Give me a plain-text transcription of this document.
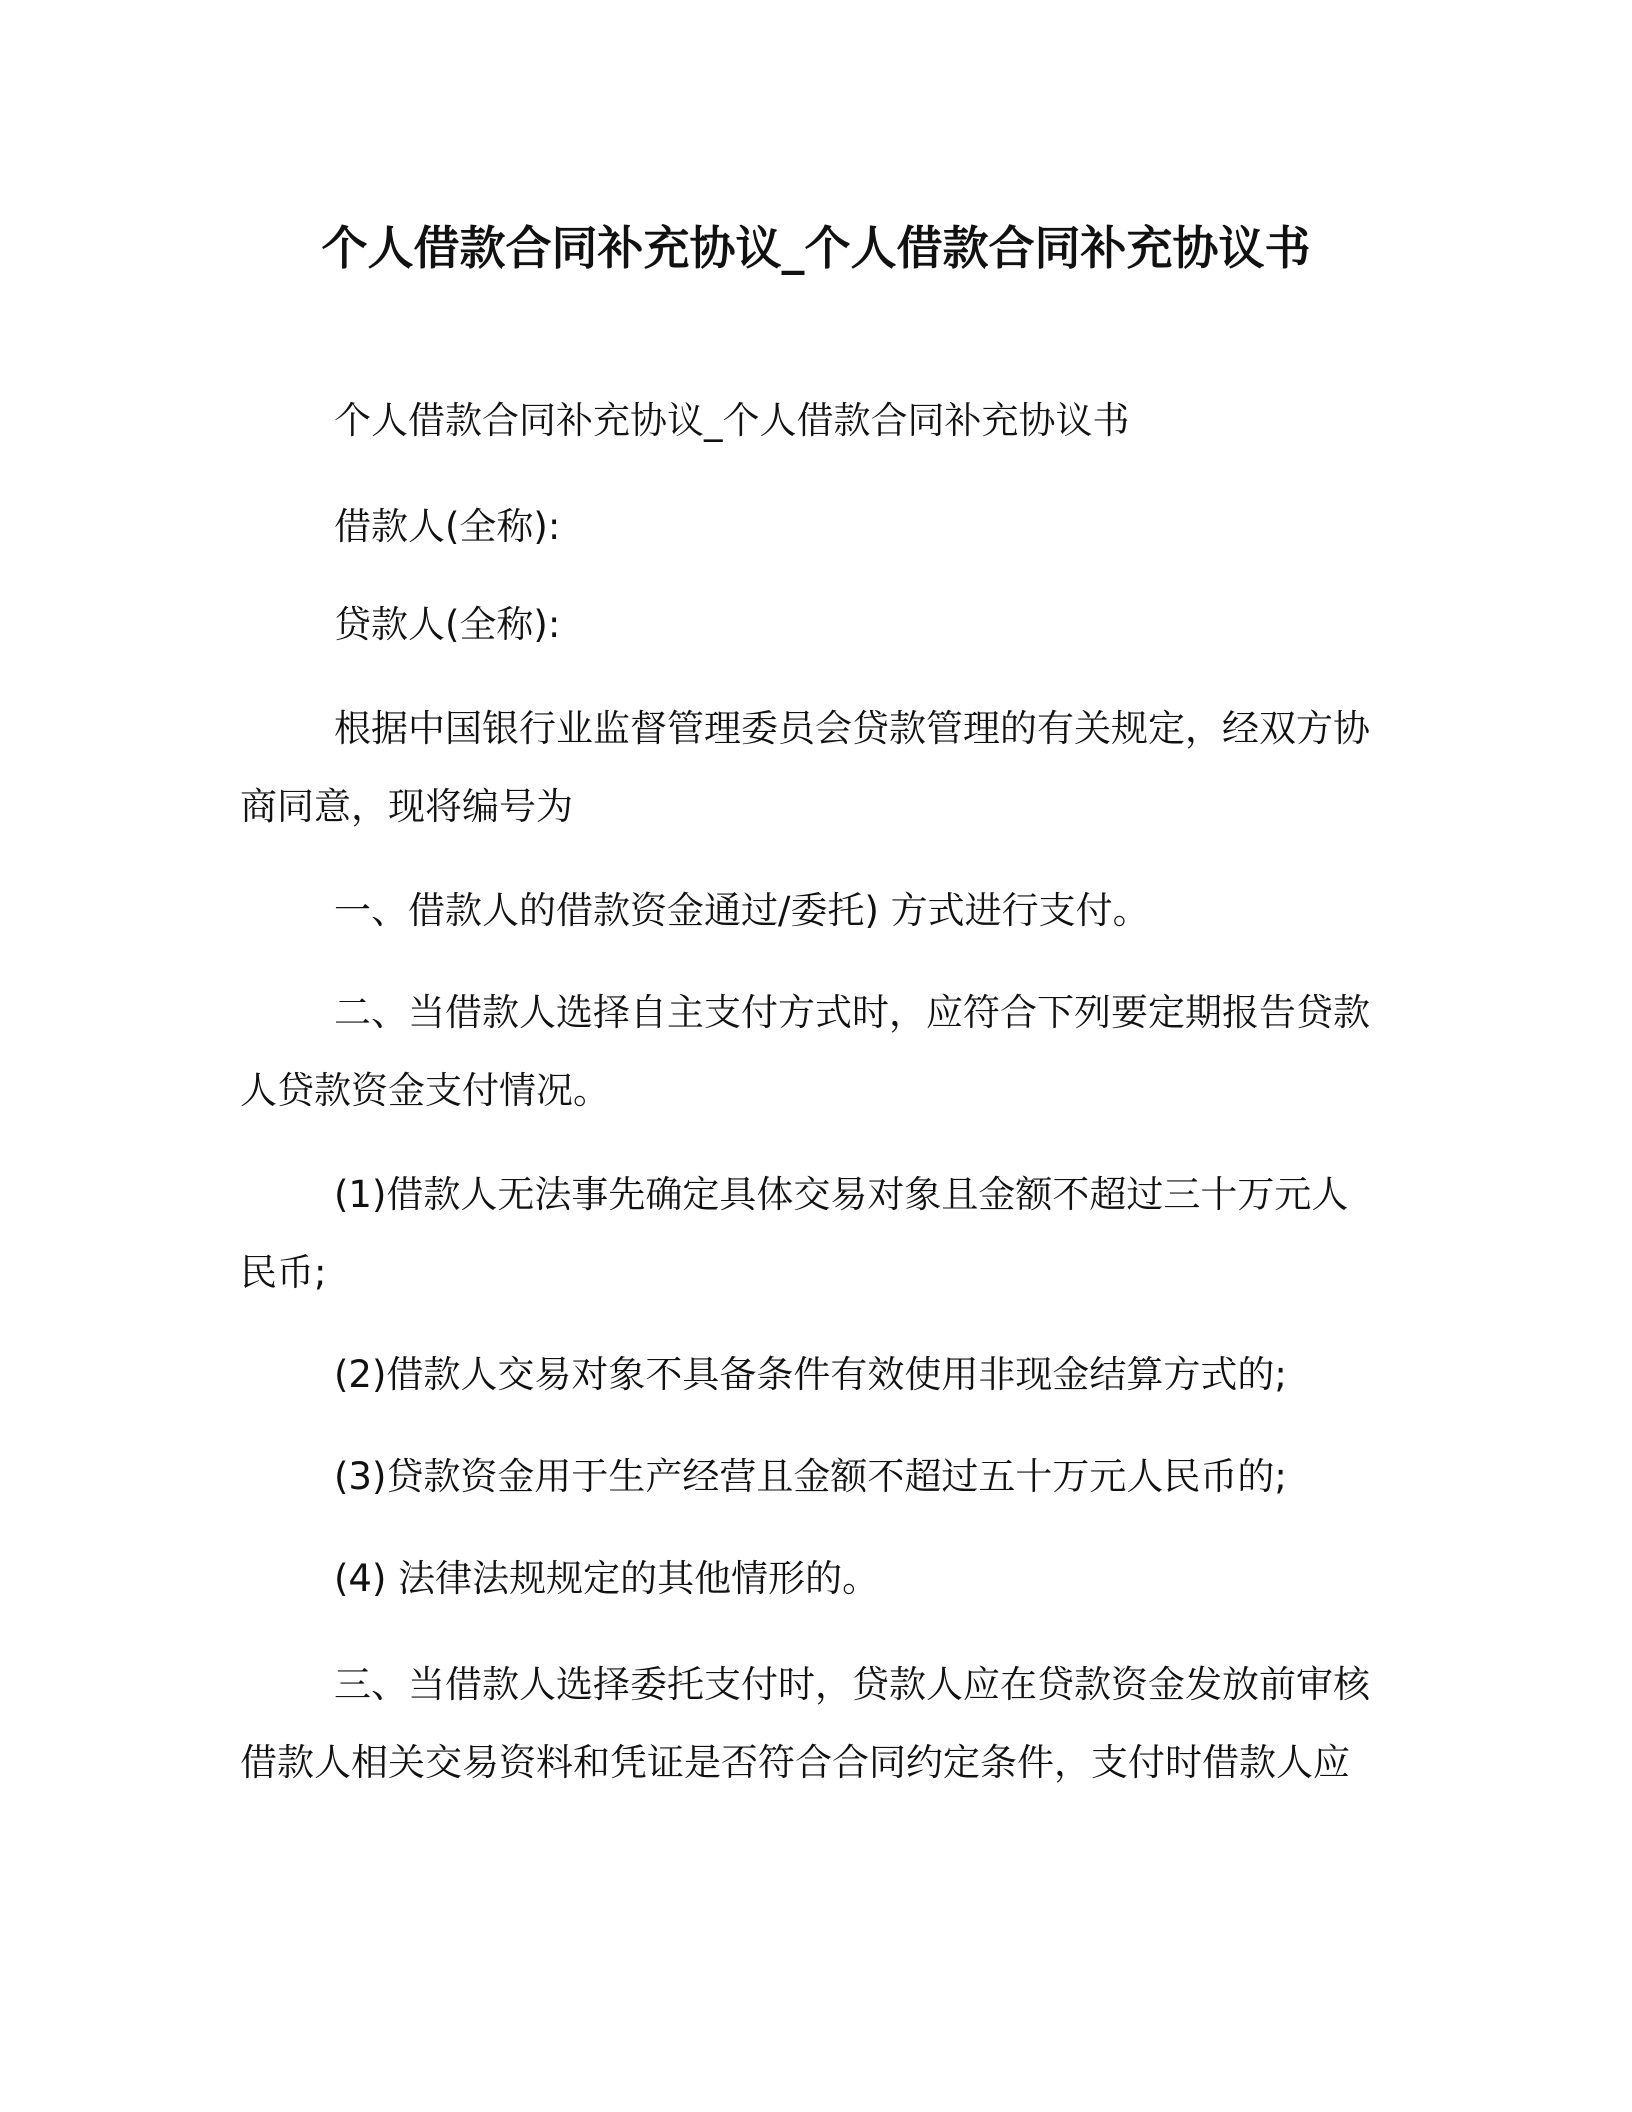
个人借款合同补充协议_个人借款合同补充协议书

个人借款合同补充协议_个人借款合同补充协议书

借款人(全称):

贷款人(全称):

根据中国银行业监督管理委员会贷款管理的有关规定，经双方协商同意，现将编号为

一、借款人的借款资金通过/委托) 方式进行支付。

二、当借款人选择自主支付方式时，应符合下列要定期报告贷款人贷款资金支付情况。

(1)借款人无法事先确定具体交易对象且金额不超过三十万元人民币;

(2)借款人交易对象不具备条件有效使用非现金结算方式的;

(3)贷款资金用于生产经营且金额不超过五十万元人民币的;

(4) 法律法规规定的其他情形的。

三、当借款人选择委托支付时，贷款人应在贷款资金发放前审核借款人相关交易资料和凭证是否符合合同约定条件，支付时借款人应
